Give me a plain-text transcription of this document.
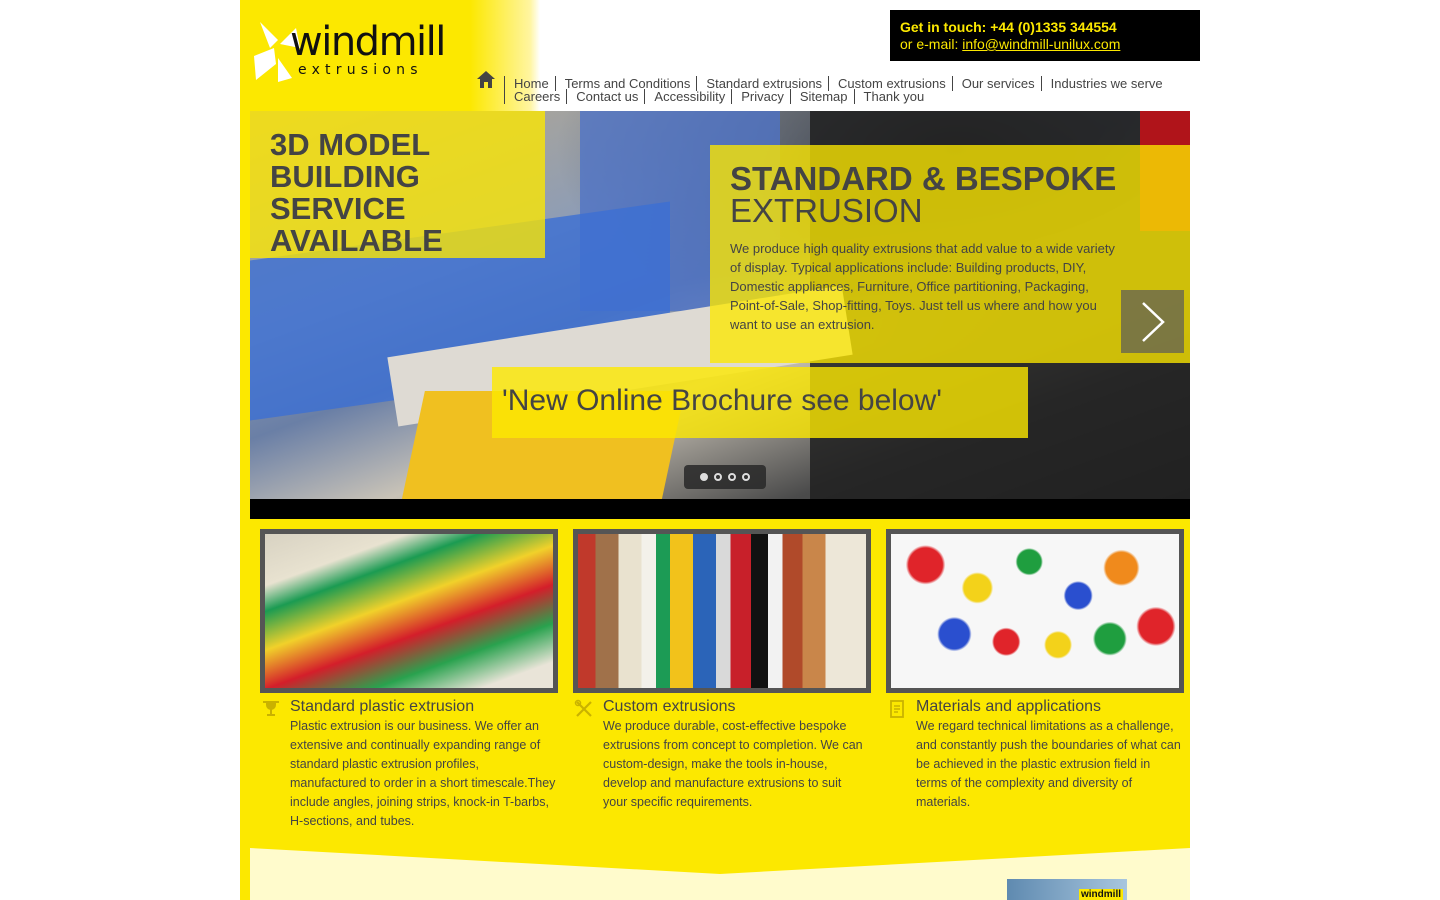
windmill
extrusions
Get in touch: +44 (0)1335 344554
or e-mail: info@windmill-unilux.com
Home Terms and Conditions Standard extrusions Custom extrusions Our services Industries we serve
Careers Contact us Accessibility Privacy Sitemap Thank you
3D MODEL BUILDING SERVICE AVAILABLE
STANDARD & BESPOKE
EXTRUSION
We produce high quality extrusions that add value to a wide variety of display. Typical applications include: Building products, DIY, Domestic appliances, Furniture, Office partitioning, Packaging, Point-of-Sale, Shop-fitting, Toys. Just tell us where and how you want to use an extrusion.
'New Online Brochure see below'
Standard plastic extrusion
Plastic extrusion is our business. We offer an extensive and continually expanding range of standard plastic extrusion profiles, manufactured to order in a short timescale.They include angles, joining strips, knock-in T-barbs, H-sections, and tubes.
Custom extrusions
We produce durable, cost-effective bespoke extrusions from concept to completion. We can custom-design, make the tools in-house, develop and manufacture extrusions to suit your specific requirements.
Materials and applications
We regard technical limitations as a challenge, and constantly push the boundaries of what can be achieved in the plastic extrusion field in terms of the complexity and diversity of materials.
windmill
